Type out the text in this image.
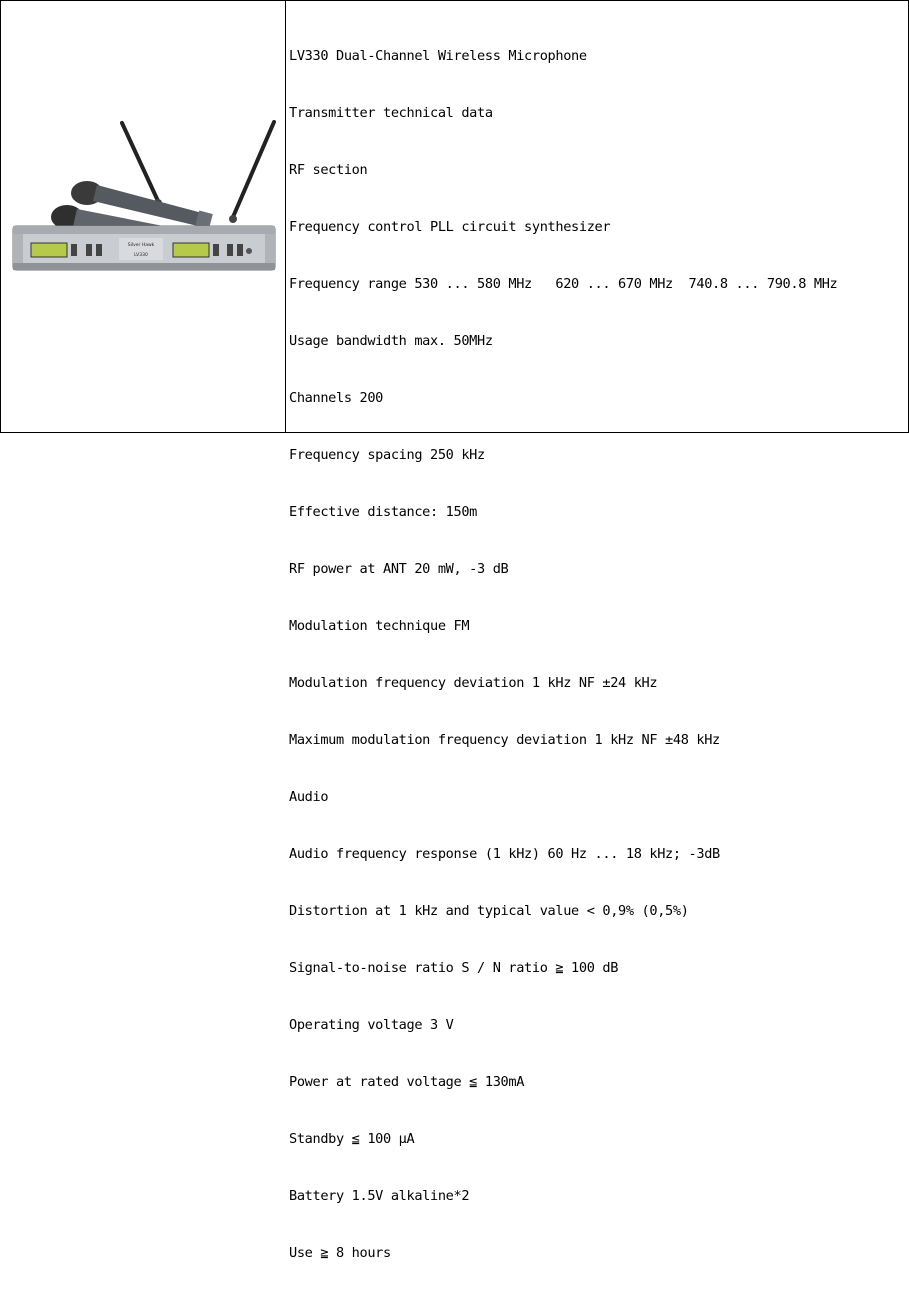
Silver Hawk
LV330

LV330 Dual-Channel Wireless Microphone

Transmitter technical data

RF section

Frequency control PLL circuit synthesizer

Frequency range 530 ... 580 MHz   620 ... 670 MHz  740.8 ... 790.8 MHz

Usage bandwidth max. 50MHz

Channels 200

Frequency spacing 250 kHz

Effective distance: 150m

RF power at ANT 20 mW, -3 dB

Modulation technique FM

Modulation frequency deviation 1 kHz NF ±24 kHz

Maximum modulation frequency deviation 1 kHz NF ±48 kHz

Audio

Audio frequency response (1 kHz) 60 Hz ... 18 kHz; -3dB

Distortion at 1 kHz and typical value < 0,9% (0,5%)

Signal-to-noise ratio S / N ratio ≧ 100 dB

Operating voltage 3 V

Power at rated voltage ≦ 130mA

Standby ≦ 100 μA

Battery 1.5V alkaline*2

Use ≧ 8 hours
